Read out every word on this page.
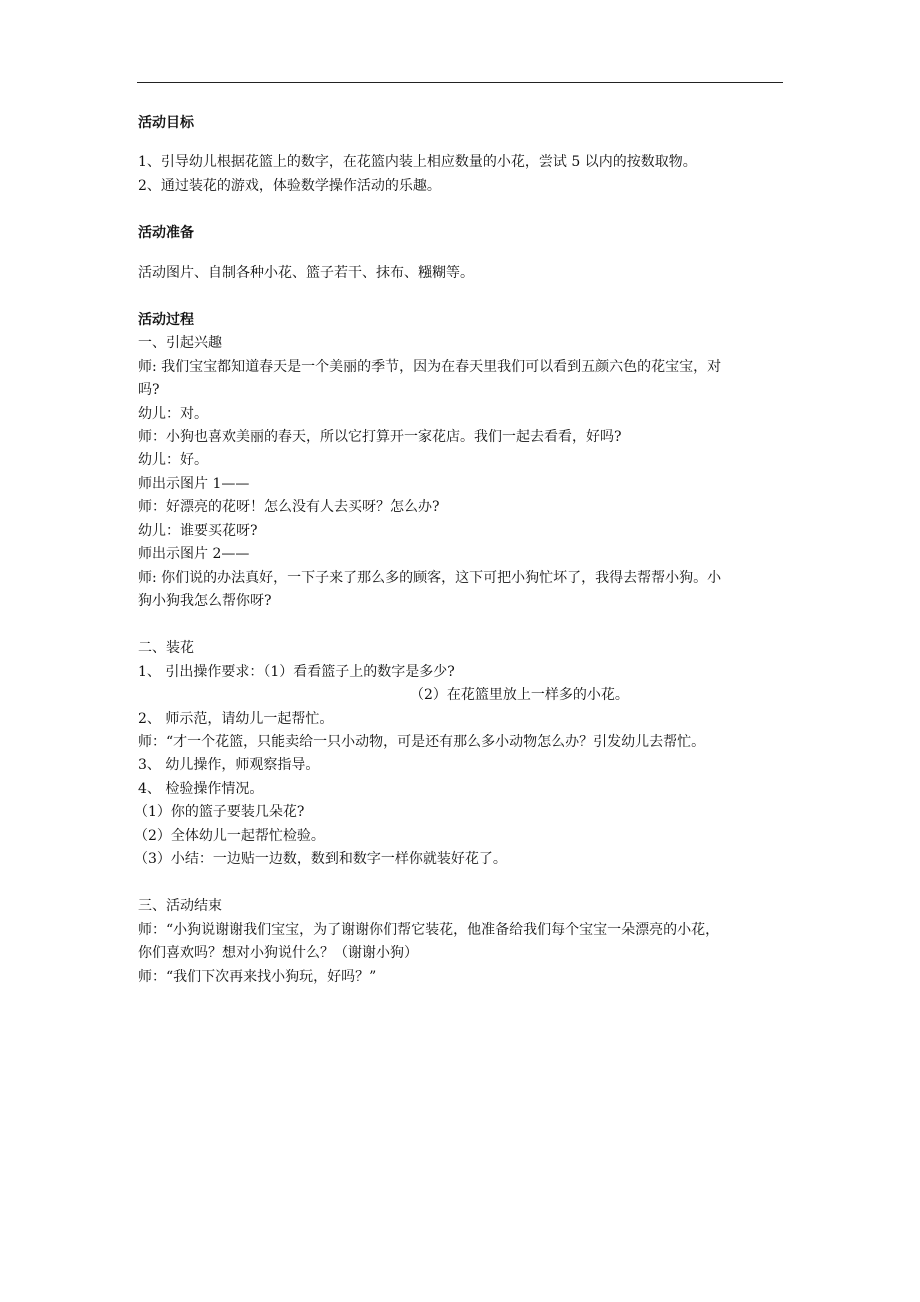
活动目标
1、引导幼儿根据花篮上的数字，在花篮内装上相应数量的小花，尝试 5 以内的按数取物。
2、通过装花的游戏，体验数学操作活动的乐趣。
活动准备
活动图片、自制各种小花、篮子若干、抹布、糨糊等。
活动过程
一、引起兴趣
师: 我们宝宝都知道春天是一个美丽的季节，因为在春天里我们可以看到五颜六色的花宝宝，对
吗?
幼儿：对。
师：小狗也喜欢美丽的春天，所以它打算开一家花店。我们一起去看看，好吗?
幼儿：好。
师出示图片 1——
师：好漂亮的花呀！怎么没有人去买呀？怎么办?
幼儿：谁要买花呀?
师出示图片 2——
师: 你们说的办法真好，一下子来了那么多的顾客，这下可把小狗忙坏了，我得去帮帮小狗。小
狗小狗我怎么帮你呀?
二、装花
1、 引出操作要求：（1）看看篮子上的数字是多少?
（2）在花篮里放上一样多的小花。
2、 师示范，请幼儿一起帮忙。
师：“才一个花篮，只能卖给一只小动物，可是还有那么多小动物怎么办？引发幼儿去帮忙。
3、 幼儿操作，师观察指导。
4、 检验操作情况。
（1）你的篮子要装几朵花?
（2）全体幼儿一起帮忙检验。
（3）小结：一边贴一边数，数到和数字一样你就装好花了。
三、活动结束
师：“小狗说谢谢我们宝宝，为了谢谢你们帮它装花，他准备给我们每个宝宝一朵漂亮的小花，
你们喜欢吗？想对小狗说什么？（谢谢小狗）
师：“我们下次再来找小狗玩，好吗？”
